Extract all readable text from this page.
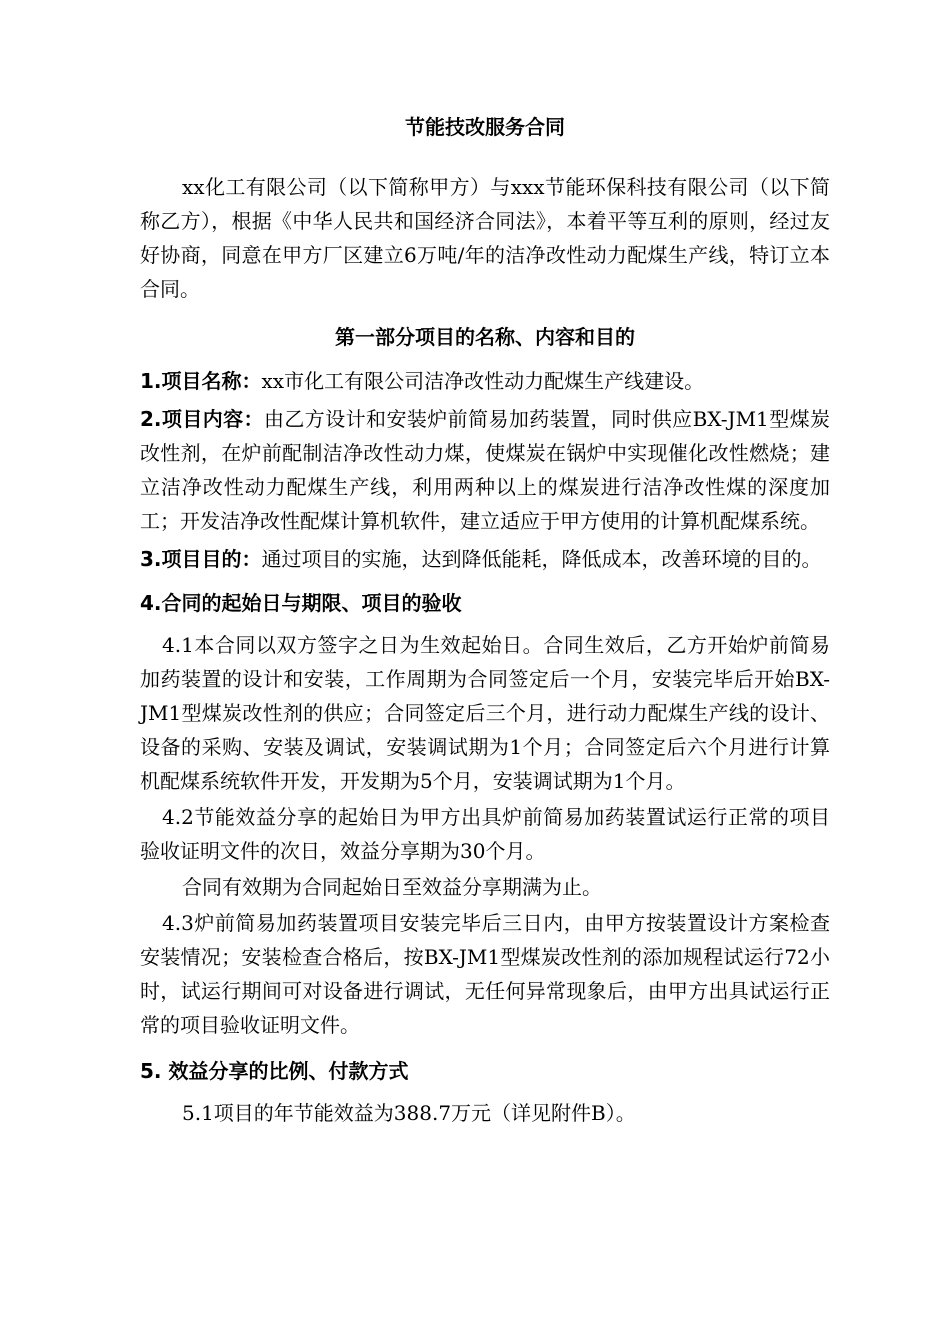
节能技改服务合同

xx化工有限公司（以下简称甲方）与xxx节能环保科技有限公司（以下简称乙方），根据《中华人民共和国经济合同法》，本着平等互利的原则，经过友好协商，同意在甲方厂区建立6万吨/年的洁净改性动力配煤生产线，特订立本合同。

第一部分项目的名称、内容和目的

1.项目名称：xx市化工有限公司洁净改性动力配煤生产线建设。

2.项目内容：由乙方设计和安装炉前简易加药装置，同时供应BX-JM1型煤炭改性剂，在炉前配制洁净改性动力煤，使煤炭在锅炉中实现催化改性燃烧；建立洁净改性动力配煤生产线，利用两种以上的煤炭进行洁净改性煤的深度加工；开发洁净改性配煤计算机软件，建立适应于甲方使用的计算机配煤系统。

3.项目目的：通过项目的实施，达到降低能耗，降低成本，改善环境的目的。

4.合同的起始日与期限、项目的验收

4.1本合同以双方签字之日为生效起始日。合同生效后，乙方开始炉前简易加药装置的设计和安装，工作周期为合同签定后一个月，安装完毕后开始BX-JM1型煤炭改性剂的供应；合同签定后三个月，进行动力配煤生产线的设计、设备的采购、安装及调试，安装调试期为1个月；合同签定后六个月进行计算机配煤系统软件开发，开发期为5个月，安装调试期为1个月。

4.2节能效益分享的起始日为甲方出具炉前简易加药装置试运行正常的项目验收证明文件的次日，效益分享期为30个月。

合同有效期为合同起始日至效益分享期满为止。

4.3炉前简易加药装置项目安装完毕后三日内，由甲方按装置设计方案检查安装情况；安装检查合格后，按BX-JM1型煤炭改性剂的添加规程试运行72小时，试运行期间可对设备进行调试，无任何异常现象后，由甲方出具试运行正常的项目验收证明文件。

5. 效益分享的比例、付款方式

5.1项目的年节能效益为388.7万元（详见附件B）。
